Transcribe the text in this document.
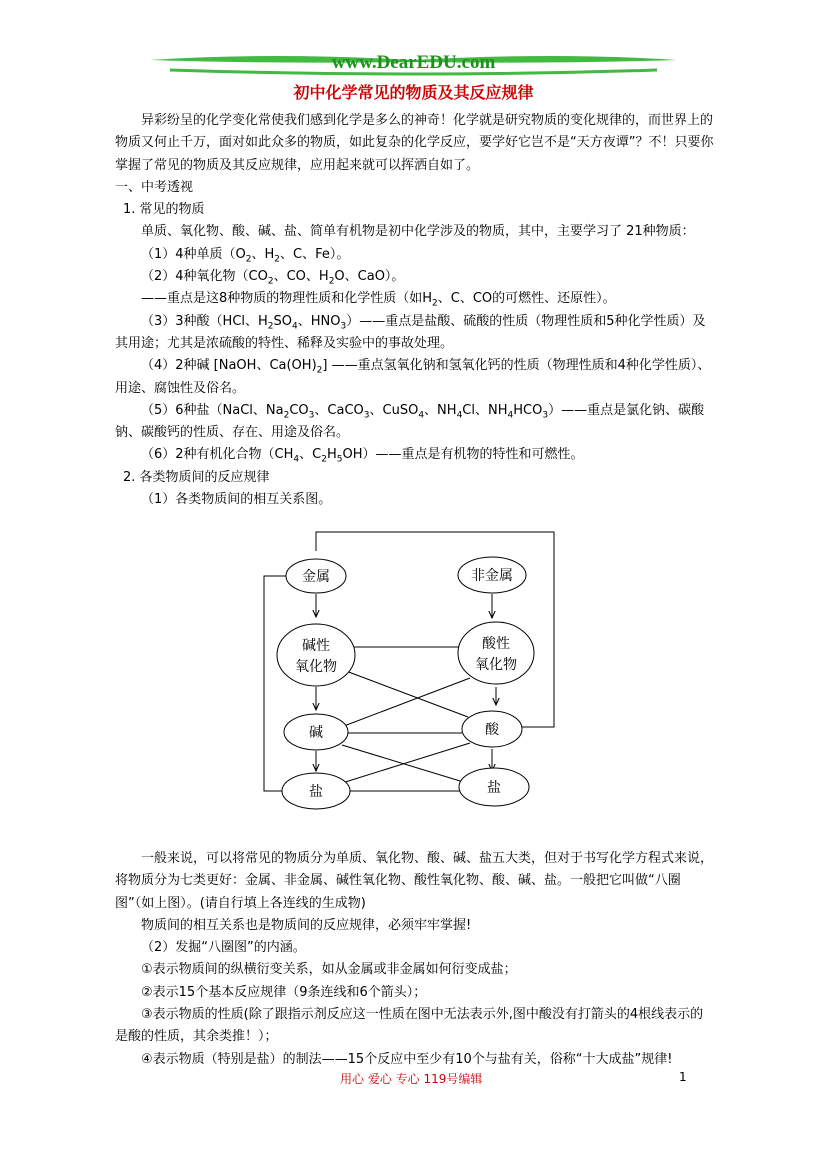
www.DearEDU.com
初中化学常见的物质及其反应规律

异彩纷呈的化学变化常使我们感到化学是多么的神奇！化学就是研究物质的变化规律的，而世界上的物质又何止千万，面对如此众多的物质，如此复杂的化学反应，要学好它岂不是“天方夜谭”？不！只要你掌握了常见的物质及其反应规律，应用起来就可以挥洒自如了。

一、中考透视

1. 常见的物质

单质、氧化物、酸、碱、盐、简单有机物是初中化学涉及的物质，其中，主要学习了 21种物质：

（1）4种单质（$O_2$、$H_2$、C、Fe）。

（2）4种氧化物（$CO_2$、CO、$H_2O$、CaO）。

——重点是这8种物质的物理性质和化学性质（如$H_2$、C、CO的可燃性、还原性）。

（3）3种酸（HCl、$H_2SO_4$、$HNO_3)——$重点是盐酸、硫酸的性质（物理性质和5种化学性质）及其用途；尤其是浓硫酸的特性、稀释及实验中的事故处理。

（4）2种碱 [NaOH、$Ca(OH)_2$] ——重点氢氧化钠和氢氧化钙的性质（物理性质和4种化学性质）、用途、腐蚀性及俗名。

（5）6种盐（NaCl、$Na_2CO_3$、CaCO$_3$、CuSO$_4$、$NH_4Cl$、$NH_4HCO_3)——$重点是氯化钠、碳酸钠、碳酸钙的性质、存在、用途及俗名。

（6）2种有机化合物（$CH_4$、$C_2H_5OH)——$重点是有机物的特性和可燃性。

2. 各类物质间的反应规律

（1）各类物质间的相互关系图。

金属	非金属
碱性
氧化物
酸性
氧化物
碱	酸
盐	盐

一般来说，可以将常见的物质分为单质、氧化物、酸、碱、盐五大类，但对于书写化学方程式来说，将物质分为七类更好：金属、非金属、碱性氧化物、酸性氧化物、酸、碱、盐。一般把它叫做“八圈图”（如上图）。(请自行填上各连线的生成物)

物质间的相互关系也是物质间的反应规律，必须牢牢掌握!

（2）发掘“八圈图”的内涵。

①表示物质间的纵横衍变关系，如从金属或非金属如何衍变成盐；

②表示15个基本反应规律（9条连线和6个箭头）；

③表示物质的性质(除了跟指示剂反应这一性质在图中无法表示外,图中酸没有打箭头的4根线表示的是酸的性质，其余类推！）；

④表示物质（特别是盐）的制法——15个反应中至少有10个与盐有关，俗称“十大成盐”规律!

用心 爱心 专心 119号编辑	1
